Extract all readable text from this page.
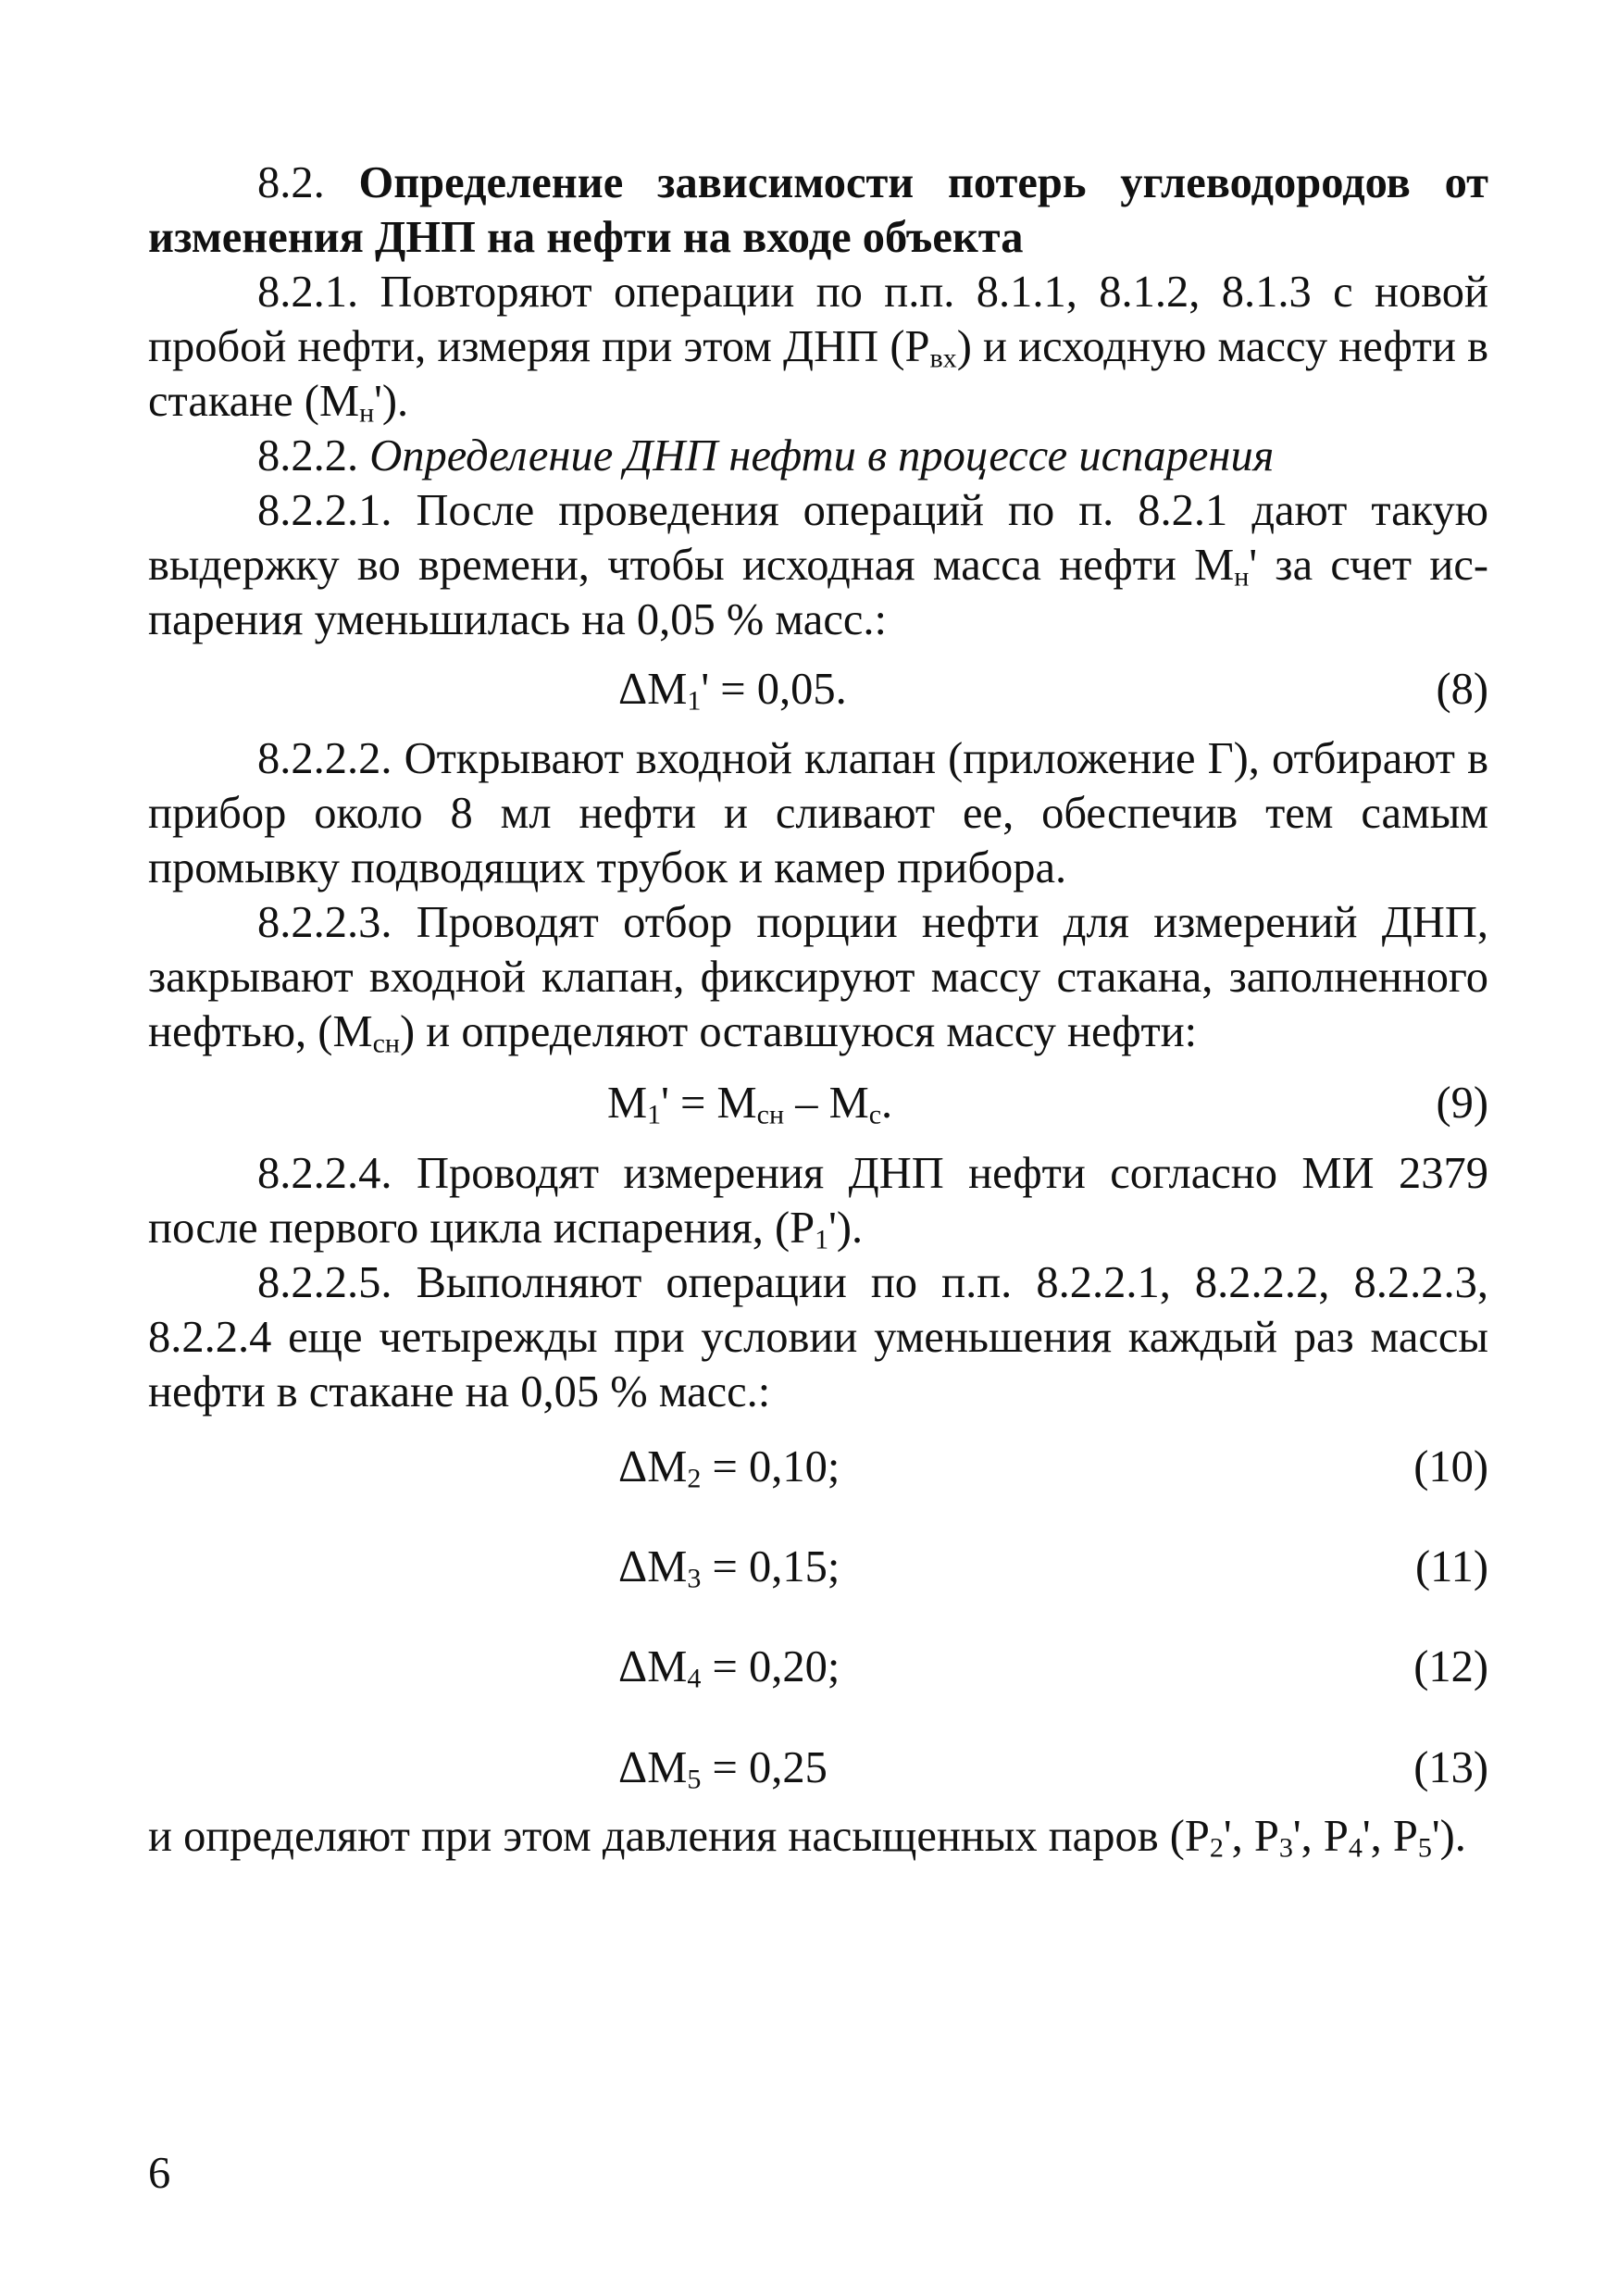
8.2. Определение зависимости потерь углеводородов от изменения ДНП на нефти на входе объекта

8.2.1. Повторяют операции по п.п. 8.1.1, 8.1.2, 8.1.3 с новой пробой нефти, измеряя при этом ДНП $(Р_{вх})$ и исходную массу нефти в стакане $(М_н')$.

8.2.2. Определение ДНП нефти в процессе испарения

8.2.2.1. После проведения операций по п. 8.2.1 дают такую выдержку во времени, чтобы исходная масса нефти $М_н'$ за счет испарения уменьшилась на 0,05 % масс.:

$\Delta М_1' = 0,05$.	(8)

8.2.2.2. Открывают входной клапан (приложение Г), отбирают в прибор около 8 мл нефти и сливают ее, обеспечив тем самым промывку подводящих трубок и камер прибора.

8.2.2.3. Проводят отбор порции нефти для измерений ДНП, закрывают входной клапан, фиксируют массу стакана, заполненного нефтью, $(М_{сн})$ и определяют оставшуюся массу нефти:

$М_1' = М_{сн} - М_с$.	(9)

8.2.2.4. Проводят измерения ДНП нефти согласно МИ 2379 после первого цикла испарения, $(Р_1')$.

8.2.2.5. Выполняют операции по п.п. 8.2.2.1, 8.2.2.2, 8.2.2.3, 8.2.2.4 еще четырежды при условии уменьшения каждый раз массы нефти в стакане на 0,05 % масс.:

$\Delta М_2 = 0,10$;	(10)
$\Delta М_3 = 0,15$;	(11)
$\Delta М_4 = 0,20$;	(12)
$\Delta М_5 = 0,25$	(13)

и определяют при этом давления насыщенных паров ($Р_2'$, $Р_3'$, $Р_4'$, $Р_5'$).

6
